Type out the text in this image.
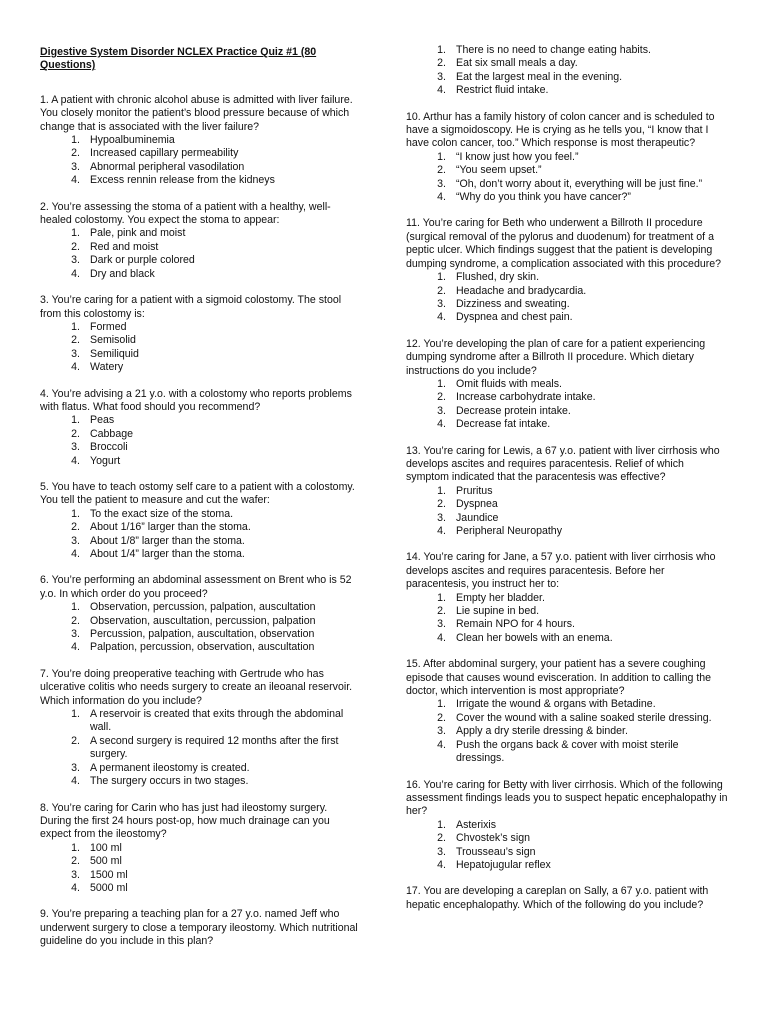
Digestive System Disorder NCLEX Practice Quiz #1 (80 Questions)

1. A patient with chronic alcohol abuse is admitted with liver failure. You closely monitor the patient’s blood pressure because of which change that is associated with the liver failure?

1. Hypoalbuminemia
2. Increased capillary permeability
3. Abnormal peripheral vasodilation
4. Excess rennin release from the kidneys

2. You’re assessing the stoma of a patient with a healthy, well-healed colostomy. You expect the stoma to appear:

1. Pale, pink and moist
2. Red and moist
3. Dark or purple colored
4. Dry and black

3. You’re caring for a patient with a sigmoid colostomy. The stool from this colostomy is:

1. Formed
2. Semisolid
3. Semiliquid
4. Watery

4. You’re advising a 21 y.o. with a colostomy who reports problems with flatus. What food should you recommend?

1. Peas
2. Cabbage
3. Broccoli
4. Yogurt

5. You have to teach ostomy self care to a patient with a colostomy. You tell the patient to measure and cut the wafer:

1. To the exact size of the stoma.
2. About 1/16” larger than the stoma.
3. About 1/8” larger than the stoma.
4. About 1/4” larger than the stoma.

6. You’re performing an abdominal assessment on Brent who is 52 y.o. In which order do you proceed?

1. Observation, percussion, palpation, auscultation
2. Observation, auscultation, percussion, palpation
3. Percussion, palpation, auscultation, observation
4. Palpation, percussion, observation, auscultation

7. You’re doing preoperative teaching with Gertrude who has ulcerative colitis who needs surgery to create an ileoanal reservoir. Which information do you include?

1. A reservoir is created that exits through the abdominal wall.
2. A second surgery is required 12 months after the first surgery.
3. A permanent ileostomy is created.
4. The surgery occurs in two stages.

8. You’re caring for Carin who has just had ileostomy surgery. During the first 24 hours post-op, how much drainage can you expect from the ileostomy?

1. 100 ml
2. 500 ml
3. 1500 ml
4. 5000 ml

9. You’re preparing a teaching plan for a 27 y.o. named Jeff who underwent surgery to close a temporary ileostomy. Which nutritional guideline do you include in this plan?

1. There is no need to change eating habits.
2. Eat six small meals a day.
3. Eat the largest meal in the evening.
4. Restrict fluid intake.

10. Arthur has a family history of colon cancer and is scheduled to have a sigmoidoscopy. He is crying as he tells you, “I know that I have colon cancer, too.” Which response is most therapeutic?

1. “I know just how you feel.”
2. “You seem upset.”
3. “Oh, don’t worry about it, everything will be just fine.”
4. “Why do you think you have cancer?”

11. You’re caring for Beth who underwent a Billroth II procedure (surgical removal of the pylorus and duodenum) for treatment of a peptic ulcer. Which findings suggest that the patient is developing dumping syndrome, a complication associated with this procedure?

1. Flushed, dry skin.
2. Headache and bradycardia.
3. Dizziness and sweating.
4. Dyspnea and chest pain.

12. You’re developing the plan of care for a patient experiencing dumping syndrome after a Billroth II procedure. Which dietary instructions do you include?

1. Omit fluids with meals.
2. Increase carbohydrate intake.
3. Decrease protein intake.
4. Decrease fat intake.

13. You’re caring for Lewis, a 67 y.o. patient with liver cirrhosis who develops ascites and requires paracentesis. Relief of which symptom indicated that the paracentesis was effective?

1. Pruritus
2. Dyspnea
3. Jaundice
4. Peripheral Neuropathy

14. You’re caring for Jane, a 57 y.o. patient with liver cirrhosis who develops ascites and requires paracentesis. Before her paracentesis, you instruct her to:

1. Empty her bladder.
2. Lie supine in bed.
3. Remain NPO for 4 hours.
4. Clean her bowels with an enema.

15. After abdominal surgery, your patient has a severe coughing episode that causes wound evisceration. In addition to calling the doctor, which intervention is most appropriate?

1. Irrigate the wound & organs with Betadine.
2. Cover the wound with a saline soaked sterile dressing.
3. Apply a dry sterile dressing & binder.
4. Push the organs back & cover with moist sterile dressings.

16. You’re caring for Betty with liver cirrhosis. Which of the following assessment findings leads you to suspect hepatic encephalopathy in her?

1. Asterixis
2. Chvostek’s sign
3. Trousseau’s sign
4. Hepatojugular reflex

17. You are developing a careplan on Sally, a 67 y.o. patient with hepatic encephalopathy. Which of the following do you include?
